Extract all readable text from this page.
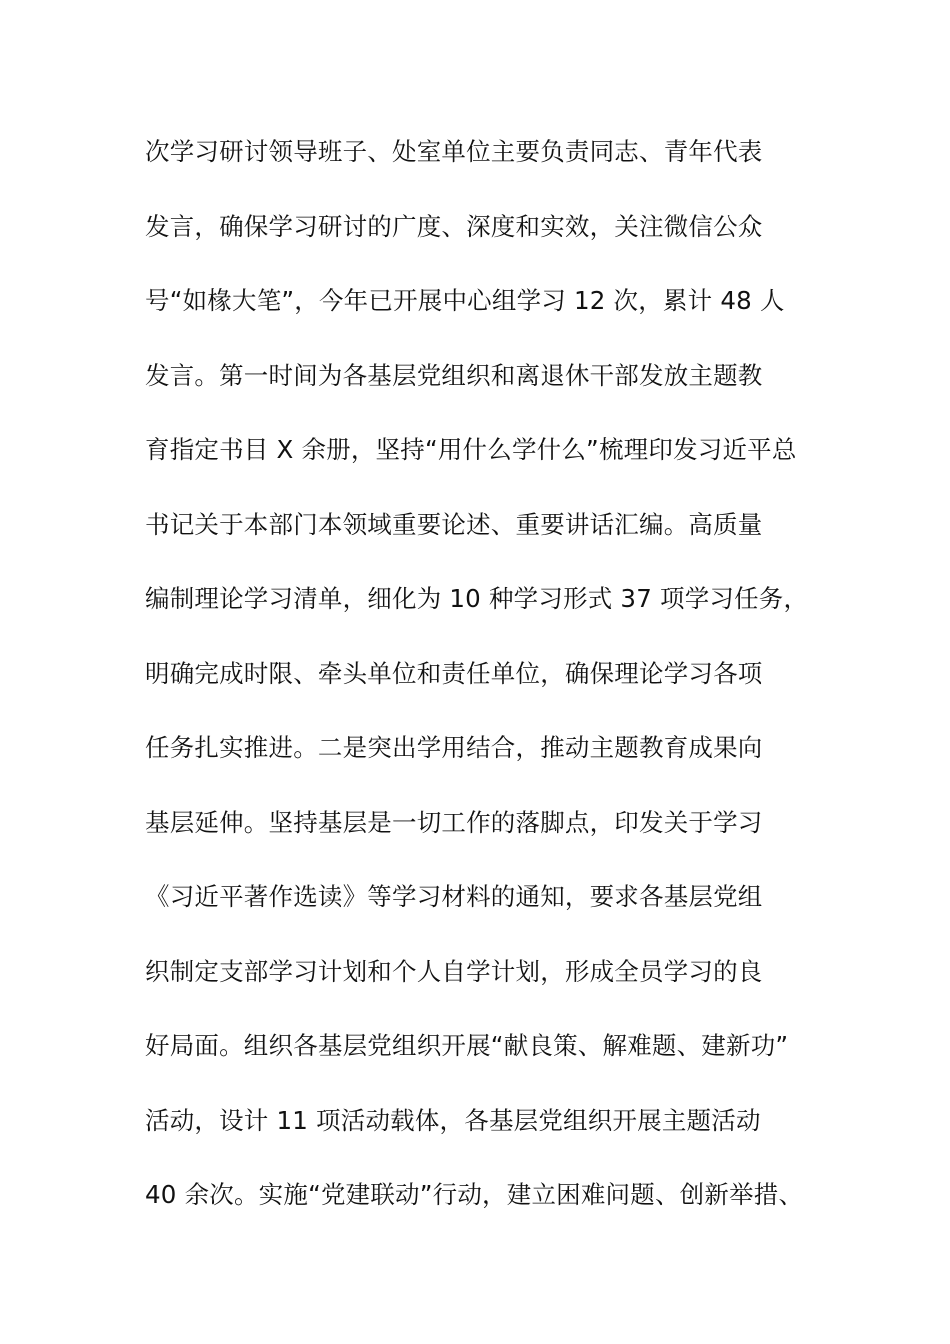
次学习研讨领导班子、处室单位主要负责同志、青年代表
发言，确保学习研讨的广度、深度和实效，关注微信公众
号“如椽大笔”，今年已开展中心组学习 12 次，累计 48 人
发言。第一时间为各基层党组织和离退休干部发放主题教
育指定书目 X 余册，坚持“用什么学什么”梳理印发习近平总
书记关于本部门本领域重要论述、重要讲话汇编。高质量
编制理论学习清单，细化为 10 种学习形式 37 项学习任务，
明确完成时限、牵头单位和责任单位，确保理论学习各项
任务扎实推进。二是突出学用结合，推动主题教育成果向
基层延伸。坚持基层是一切工作的落脚点，印发关于学习
《习近平著作选读》等学习材料的通知，要求各基层党组
织制定支部学习计划和个人自学计划，形成全员学习的良
好局面。组织各基层党组织开展“献良策、解难题、建新功”
活动，设计 11 项活动载体，各基层党组织开展主题活动
40 余次。实施“党建联动”行动，建立困难问题、创新举措、
